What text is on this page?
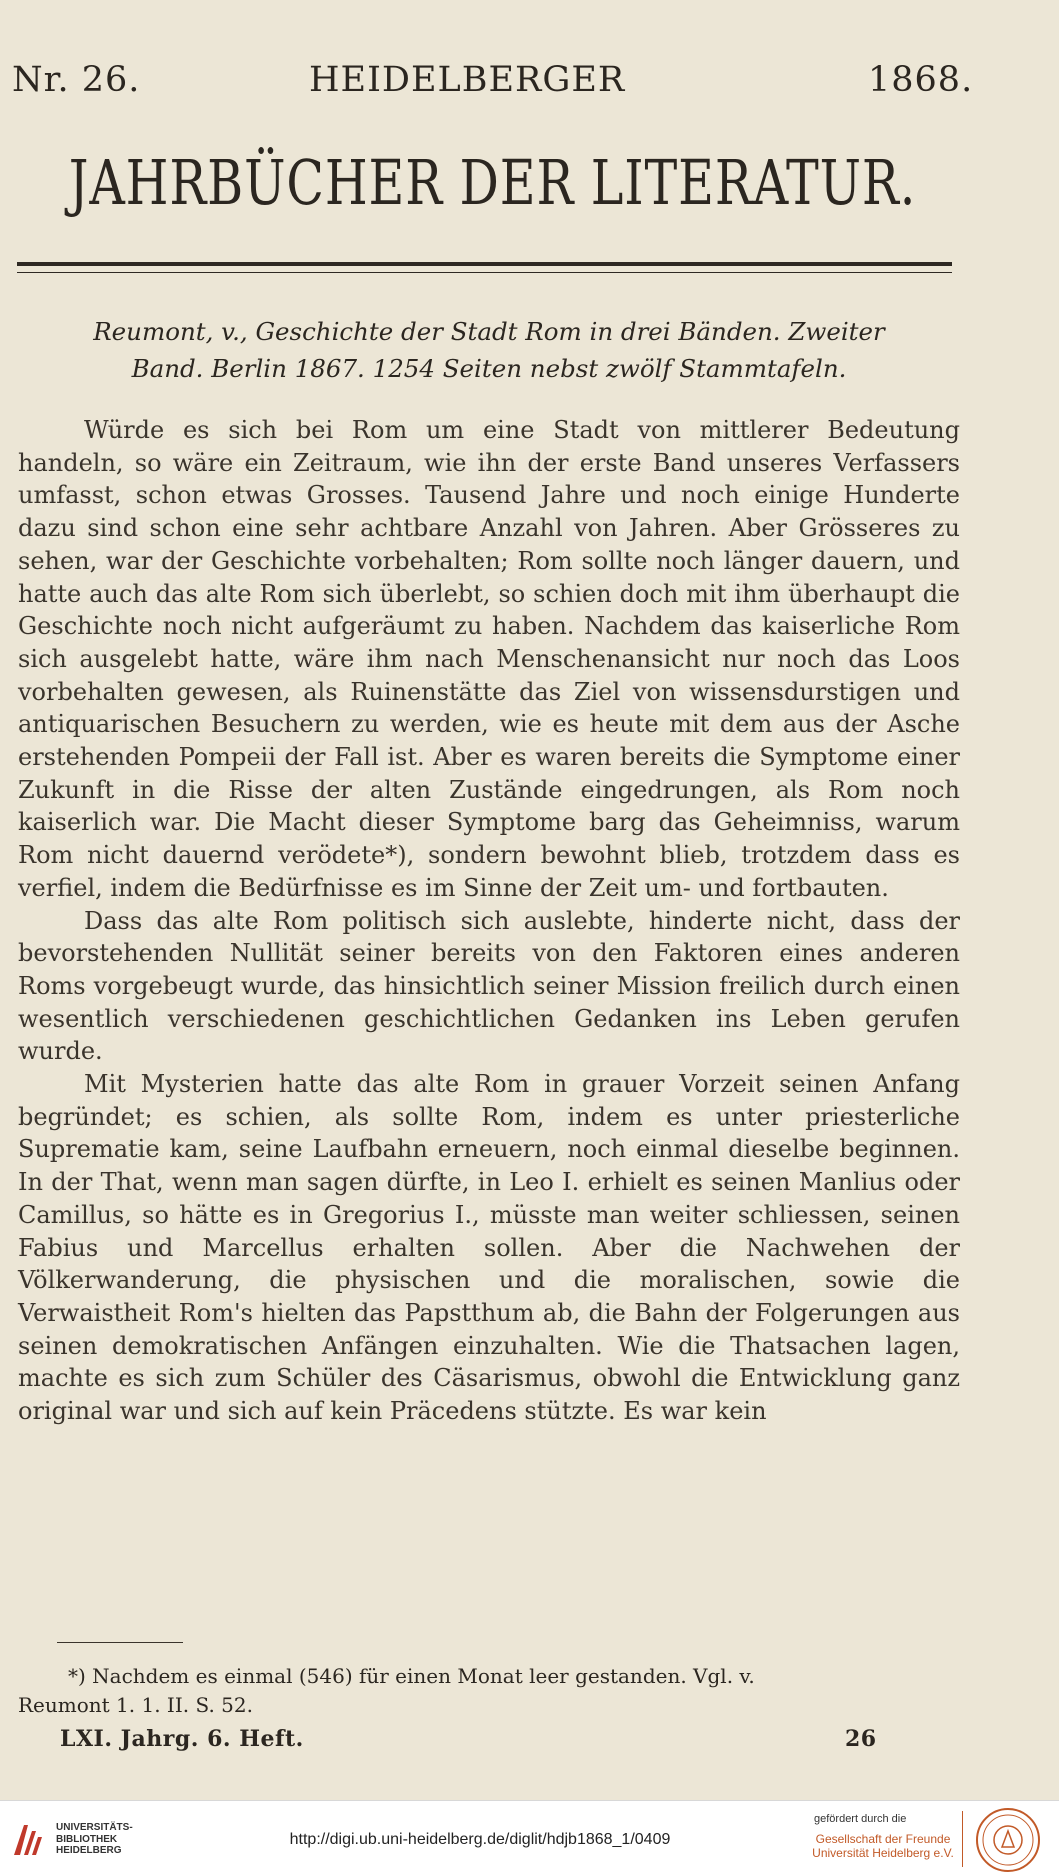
Nr. 26.	HEIDELBERGER	1868.
JAHRBÜCHER DER LITERATUR.
Reumont, v., Geschichte der Stadt Rom in drei Bänden. Zweiter
Band. Berlin 1867. 1254 Seiten nebst zwölf Stammtafeln.

Würde es sich bei Rom um eine Stadt von mittlerer Bedeutung handeln, so wäre ein Zeitraum, wie ihn der erste Band unseres Verfassers umfasst, schon etwas Grosses. Tausend Jahre und noch einige Hunderte dazu sind schon eine sehr achtbare Anzahl von Jahren. Aber Grösseres zu sehen, war der Geschichte vorbehalten; Rom sollte noch länger dauern, und hatte auch das alte Rom sich überlebt, so schien doch mit ihm überhaupt die Geschichte noch nicht aufgeräumt zu haben. Nachdem das kaiserliche Rom sich ausgelebt hatte, wäre ihm nach Menschenansicht nur noch das Loos vorbehalten gewesen, als Ruinenstätte das Ziel von wissensdurstigen und antiquarischen Besuchern zu werden, wie es heute mit dem aus der Asche erstehenden Pompeii der Fall ist. Aber es waren bereits die Symptome einer Zukunft in die Risse der alten Zustände eingedrungen, als Rom noch kaiserlich war. Die Macht dieser Symptome barg das Geheimniss, warum Rom nicht dauernd verödete*), sondern bewohnt blieb, trotzdem dass es verfiel, indem die Bedürfnisse es im Sinne der Zeit um- und fortbauten.

Dass das alte Rom politisch sich auslebte, hinderte nicht, dass der bevorstehenden Nullität seiner bereits von den Faktoren eines anderen Roms vorgebeugt wurde, das hinsichtlich seiner Mission freilich durch einen wesentlich verschiedenen geschichtlichen Gedanken ins Leben gerufen wurde.

Mit Mysterien hatte das alte Rom in grauer Vorzeit seinen Anfang begründet; es schien, als sollte Rom, indem es unter priesterliche Suprematie kam, seine Laufbahn erneuern, noch einmal dieselbe beginnen. In der That, wenn man sagen dürfte, in Leo I. erhielt es seinen Manlius oder Camillus, so hätte es in Gregorius I., müsste man weiter schliessen, seinen Fabius und Marcellus erhalten sollen. Aber die Nachwehen der Völkerwanderung, die physischen und die moralischen, sowie die Verwaistheit Rom's hielten das Papstthum ab, die Bahn der Folgerungen aus seinen demokratischen Anfängen einzuhalten. Wie die Thatsachen lagen, machte es sich zum Schüler des Cäsarismus, obwohl die Entwicklung ganz original war und sich auf kein Präcedens stützte. Es war kein

*) Nachdem es einmal (546) für einen Monat leer gestanden. Vgl. v.
Reumont 1. 1. II. S. 52.
LXI. Jahrg. 6. Heft.	26
UNIVERSITÄTS-
BIBLIOTHEK
HEIDELBERG
http://digi.ub.uni-heidelberg.de/diglit/hdjb1868_1/0409
gefördert durch die
Gesellschaft der Freunde
Universität Heidelberg e.V.
